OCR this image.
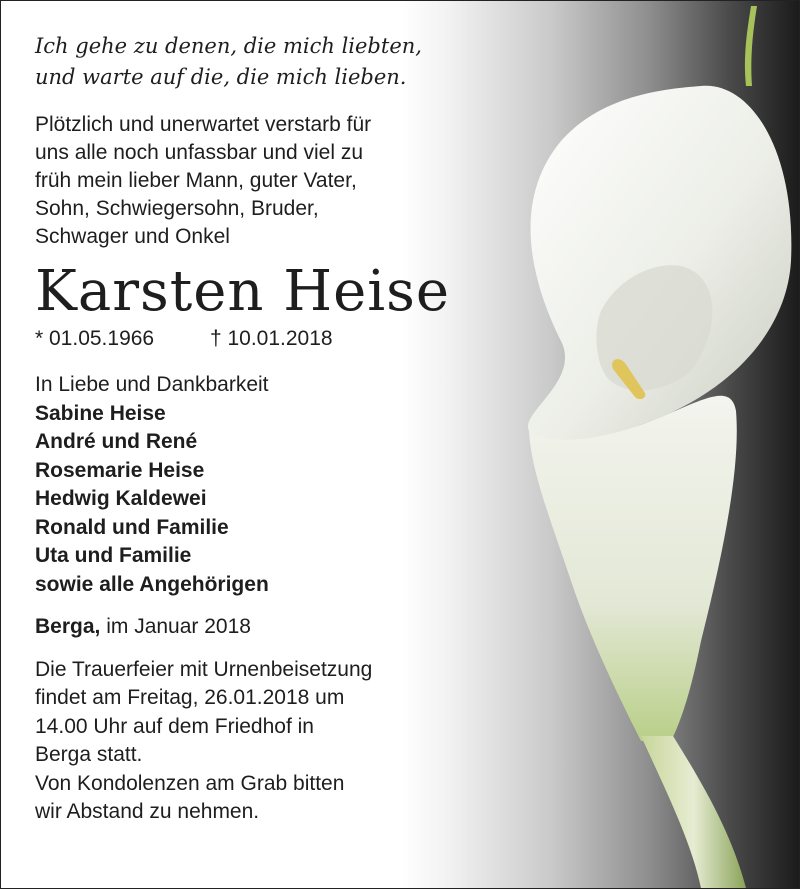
Ich gehe zu denen, die mich liebten,
und warte auf die, die mich lieben.

Plötzlich und unerwartet verstarb für
uns alle noch unfassbar und viel zu
früh mein lieber Mann, guter Vater,
Sohn, Schwiegersohn, Bruder,
Schwager und Onkel

Karsten Heise

* 01.05.1966	† 10.01.2018

In Liebe und Dankbarkeit
Sabine Heise
André und René
Rosemarie Heise
Hedwig Kaldewei
Ronald und Familie
Uta und Familie
sowie alle Angehörigen

Berga, im Januar 2018

Die Trauerfeier mit Urnenbeisetzung
findet am Freitag, 26.01.2018 um
14.00 Uhr auf dem Friedhof in
Berga statt.
Von Kondolenzen am Grab bitten
wir Abstand zu nehmen.
